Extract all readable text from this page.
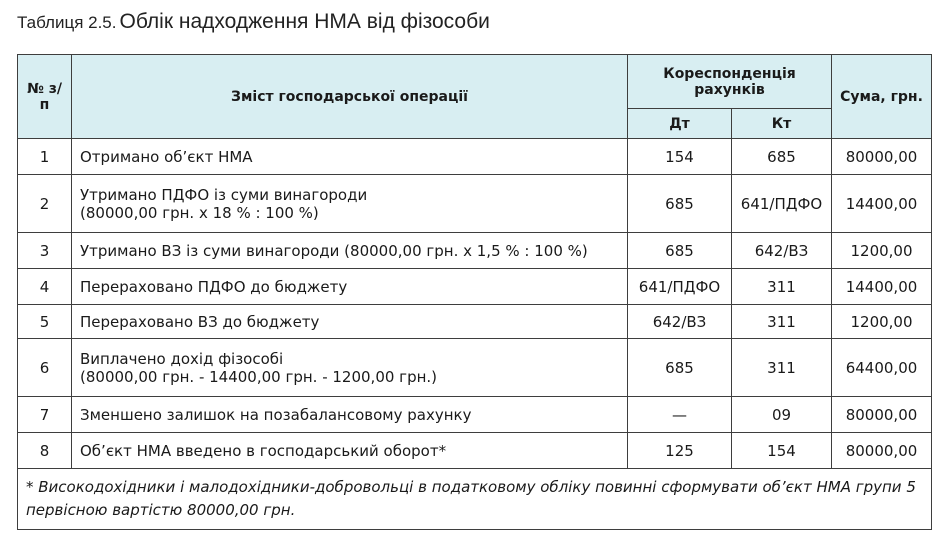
Таблиця 2.5. Облік надходження НМА від фізособи
№ з/п	Зміст господарської операції	Кореспонденція рахунків		Сума, грн.
		Дт	Кт	
1	Отримано об’єкт НМА	154	685	80000,00
2	Утримано ПДФО із суми винагороди
(80000,00 грн. х 18 % : 100 %)	685	641/ПДФО	14400,00
3	Утримано ВЗ із суми винагороди (80000,00 грн. х 1,5 % : 100 %)	685	642/ВЗ	1200,00
4	Перераховано ПДФО до бюджету	641/ПДФО	311	14400,00
5	Перераховано ВЗ до бюджету	642/ВЗ	311	1200,00
6	Виплачено дохід фізособі
(80000,00 грн. - 14400,00 грн. - 1200,00 грн.)	685	311	64400,00
7	Зменшено залишок на позабалансовому рахунку	—	09	80000,00
8	Об’єкт НМА введено в господарський оборот*	125	154	80000,00
* Високодохідники і малодохідники-добровольці в податковому обліку повинні сформувати об’єкт НМА групи 5 первісною вартістю 80000,00 грн.				
